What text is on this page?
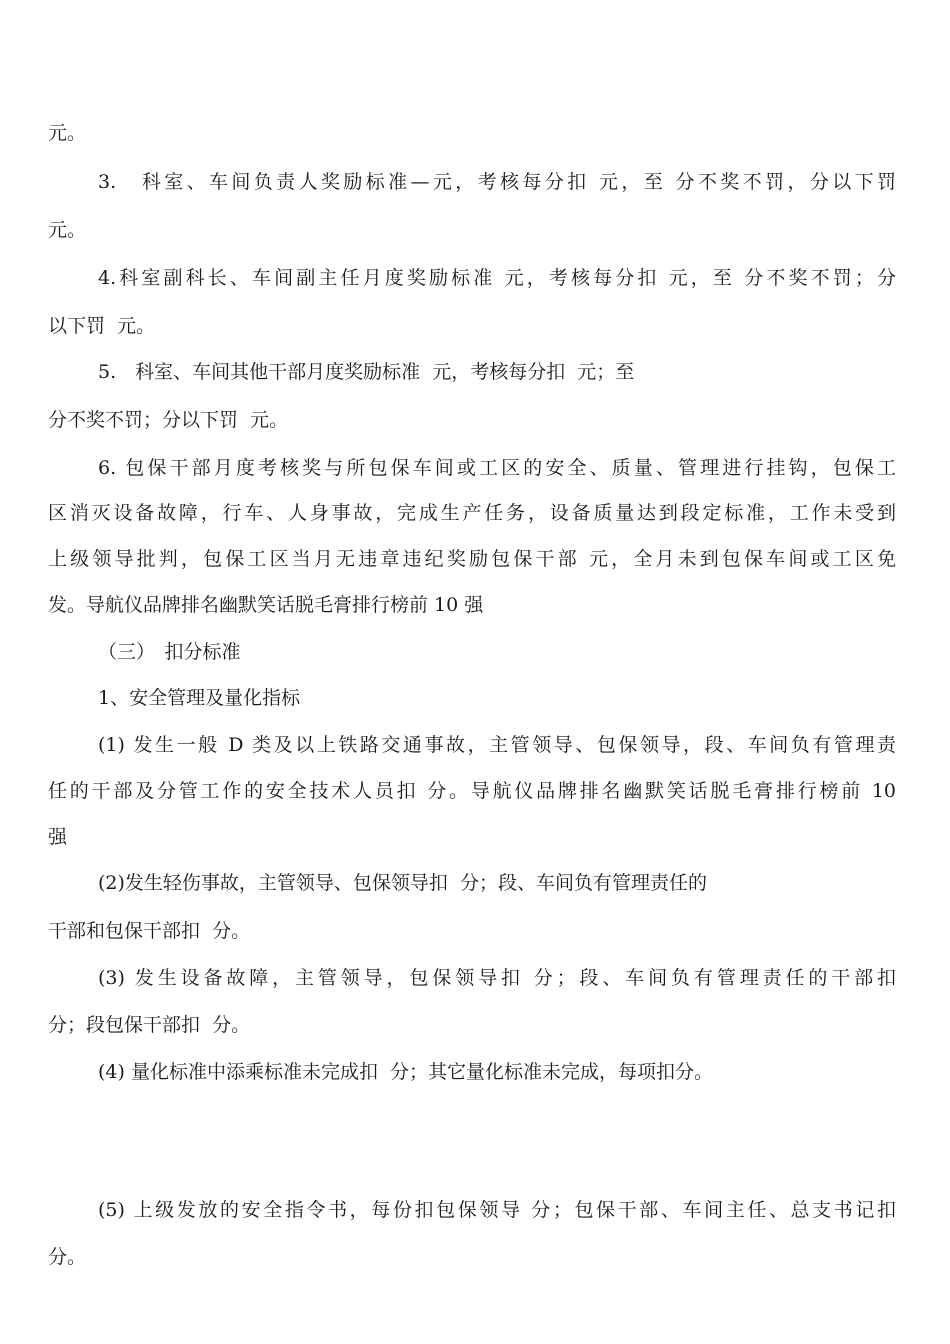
元。
3.　科室、车间负责人奖励标准—元，考核每分扣 元，至 分不奖不罚，分以下罚
元。
4.科室副科长、车间副主任月度奖励标准 元，考核每分扣 元，至 分不奖不罚；分
以下罚  元。
5.　科室、车间其他干部月度奖励标准  元，考核每分扣  元；至
分不奖不罚；分以下罚  元。
6. 包保干部月度考核奖与所包保车间或工区的安全、质量、管理进行挂钩，包保工
区消灭设备故障，行车、人身事故，完成生产任务，设备质量达到段定标准，工作未受到
上级领导批判，包保工区当月无违章违纪奖励包保干部 元，全月未到包保车间或工区免
发。导航仪品牌排名幽默笑话脱毛膏排行榜前 10 强
（三）　扣分标准
1、安全管理及量化指标
(1) 发生一般 D 类及以上铁路交通事故，主管领导、包保领导，段、车间负有管理责
任的干部及分管工作的安全技术人员扣 分。导航仪品牌排名幽默笑话脱毛膏排行榜前 10
强
(2)发生轻伤事故，主管领导、包保领导扣  分；段、车间负有管理责任的
干部和包保干部扣  分。
(3) 发生设备故障，主管领导，包保领导扣 分；段、车间负有管理责任的干部扣
分；段包保干部扣  分。
(4) 量化标准中添乘标准未完成扣  分；其它量化标准未完成，每项扣分。
(5) 上级发放的安全指令书，每份扣包保领导 分；包保干部、车间主任、总支书记扣
分。
